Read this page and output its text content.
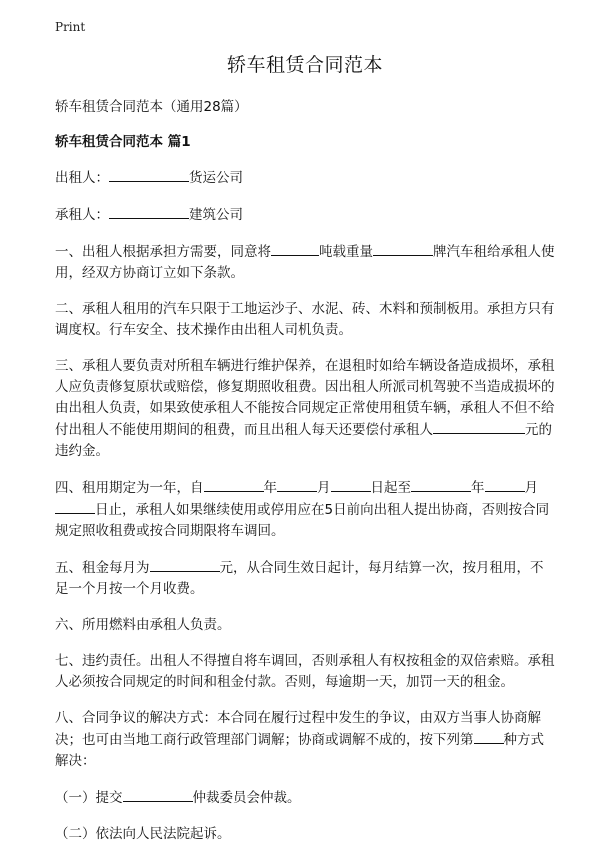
Print
轿车租赁合同范本
轿车租赁合同范本（通用28篇）
轿车租赁合同范本 篇1
出租人：	货运公司
承租人：	建筑公司
一、出租人根据承担方需要，同意将	吨载重量	牌汽车租给承租人使用，经双方协商订立如下条款。
二、承租人租用的汽车只限于工地运沙子、水泥、砖、木料和预制板用。承担方只有调度权。行车安全、技术操作由出租人司机负责。
三、承租人要负责对所租车辆进行维护保养，在退租时如给车辆设备造成损坏，承租人应负责修复原状或赔偿，修复期照收租费。因出租人所派司机驾驶不当造成损坏的由出租人负责，如果致使承租人不能按合同规定正常使用租赁车辆，承租人不但不给付出租人不能使用期间的租费，而且出租人每天还要偿付承租人	元的违约金。
四、租用期定为一年，自	年	月	日起至	年	月日止，承租人如果继续使用或停用应在5日前向出租人提出协商，否则按合同规定照收租费或按合同期限将车调回。
五、租金每月为	元，从合同生效日起计，每月结算一次，按月租用，不足一个月按一个月收费。
六、所用燃料由承租人负责。
七、违约责任。出租人不得擅自将车调回，否则承租人有权按租金的双倍索赔。承租人必须按合同规定的时间和租金付款。否则，每逾期一天，加罚一天的租金。
八、合同争议的解决方式：本合同在履行过程中发生的争议，由双方当事人协商解决；也可由当地工商行政管理部门调解；协商或调解不成的，按下列第 种方式解决：
（一）提交	仲裁委员会仲裁。
（二）依法向人民法院起诉。
